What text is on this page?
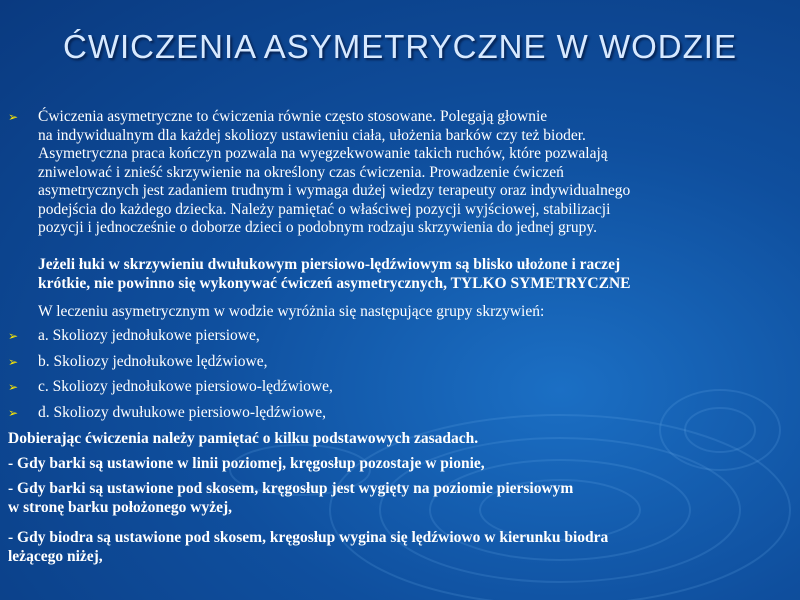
ĆWICZENIA ASYMETRYCZNE W WODZIE
➢ Ćwiczenia asymetryczne to ćwiczenia równie często stosowane. Polegają głownie
na indywidualnym dla każdej skoliozy ustawieniu ciała, ułożenia barków czy też bioder.
Asymetryczna praca kończyn pozwala na wyegzekwowanie takich ruchów, które pozwalają
zniwelować i znieść skrzywienie na określony czas ćwiczenia. Prowadzenie ćwiczeń
asymetrycznych jest zadaniem trudnym i wymaga dużej wiedzy terapeuty oraz indywidualnego
podejścia do każdego dziecka. Należy pamiętać o właściwej pozycji wyjściowej, stabilizacji
pozycji i jednocześnie o doborze dzieci o podobnym rodzaju skrzywienia do jednej grupy.
Jeżeli łuki w skrzywieniu dwułukowym piersiowo-lędźwiowym są blisko ułożone i raczej
krótkie, nie powinno się wykonywać ćwiczeń asymetrycznych, TYLKO SYMETRYCZNE
W leczeniu asymetrycznym w wodzie wyróżnia się następujące grupy skrzywień:
➢ a. Skoliozy jednołukowe piersiowe,
➢ b. Skoliozy jednołukowe lędźwiowe,
➢ c. Skoliozy jednołukowe piersiowo-lędźwiowe,
➢ d. Skoliozy dwułukowe piersiowo-lędźwiowe,
Dobierając ćwiczenia należy pamiętać o kilku podstawowych zasadach.
- Gdy barki są ustawione w linii poziomej, kręgosłup pozostaje w pionie,
- Gdy barki są ustawione pod skosem, kręgosłup jest wygięty na poziomie piersiowym
w stronę barku położonego wyżej,
- Gdy biodra są ustawione pod skosem, kręgosłup wygina się lędźwiowo w kierunku biodra
leżącego niżej,
